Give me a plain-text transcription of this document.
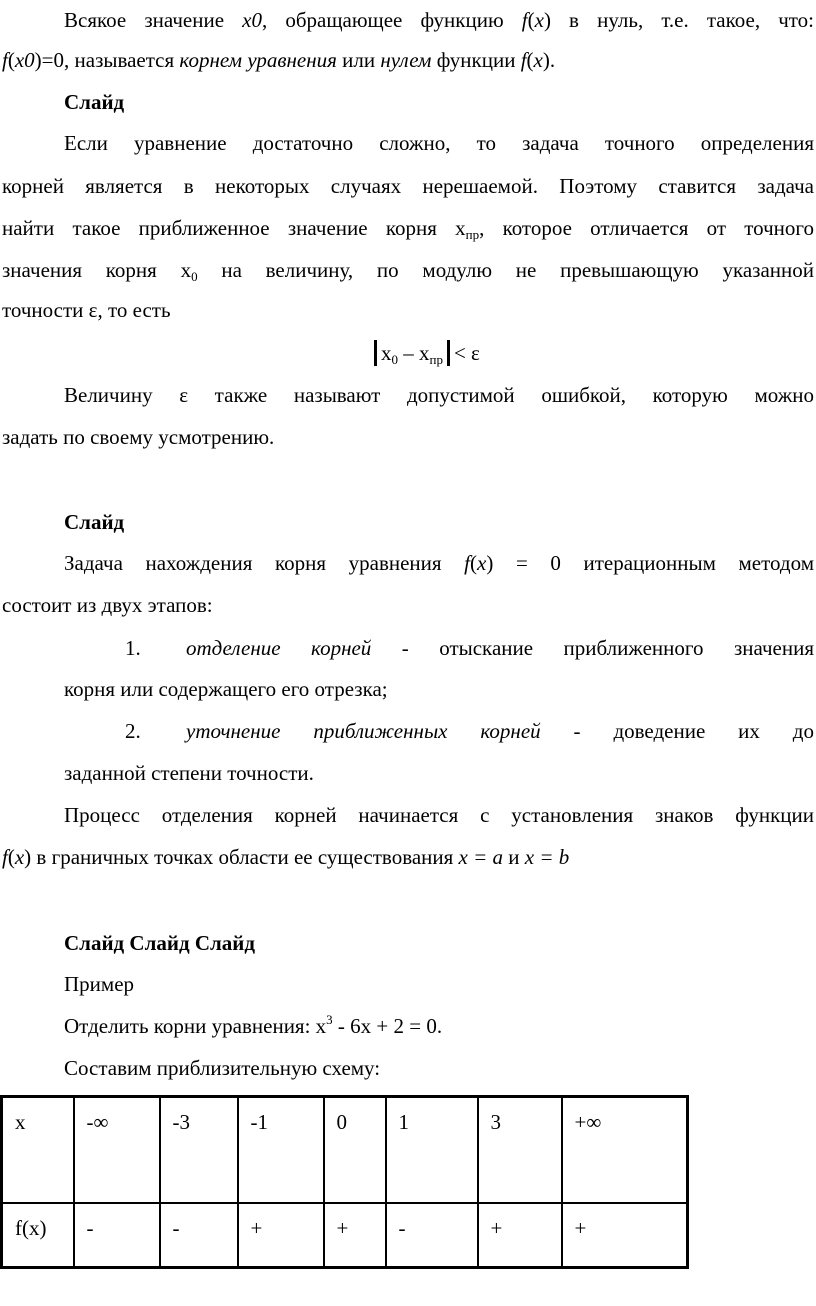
Всякое значение x0, обращающее функцию f(x) в нуль, т.е. такое, что:

f(x0)=0, называется корнем уравнения или нулем функции f(x).

Слайд

Если уравнение достаточно сложно, то задача точного определения

корней является в некоторых случаях нерешаемой. Поэтому ставится задача

найти такое приближенное значение корня $x_{пр}$, которое отличается от точного

значения корня $x_0$ на величину, по модулю не превышающую указанной

точности ε, то есть

$x_0 - x_{пр} < \varepsilon$

Величину ε также называют допустимой ошибкой, которую можно

задать по своему усмотрению.

Слайд

Задача нахождения корня уравнения f(x) = 0 итерационным методом

состоит из двух этапов:

1. отделение корней - отыскание приближенного значения

корня или содержащего его отрезка;

2. уточнение приближенных корней - доведение их до

заданной степени точности.

Процесс отделения корней начинается с установления знаков функции

f(x) в граничных точках области ее существования x = a и x = b

Слайд Слайд Слайд

Пример

Отделить корни уравнения: $x^3 - 6x + 2 = 0$.

Составим приблизительную схему:

x	-∞	-3	-1	0	1	3	+∞
f(x)	-	-	+	+	-	+	+
